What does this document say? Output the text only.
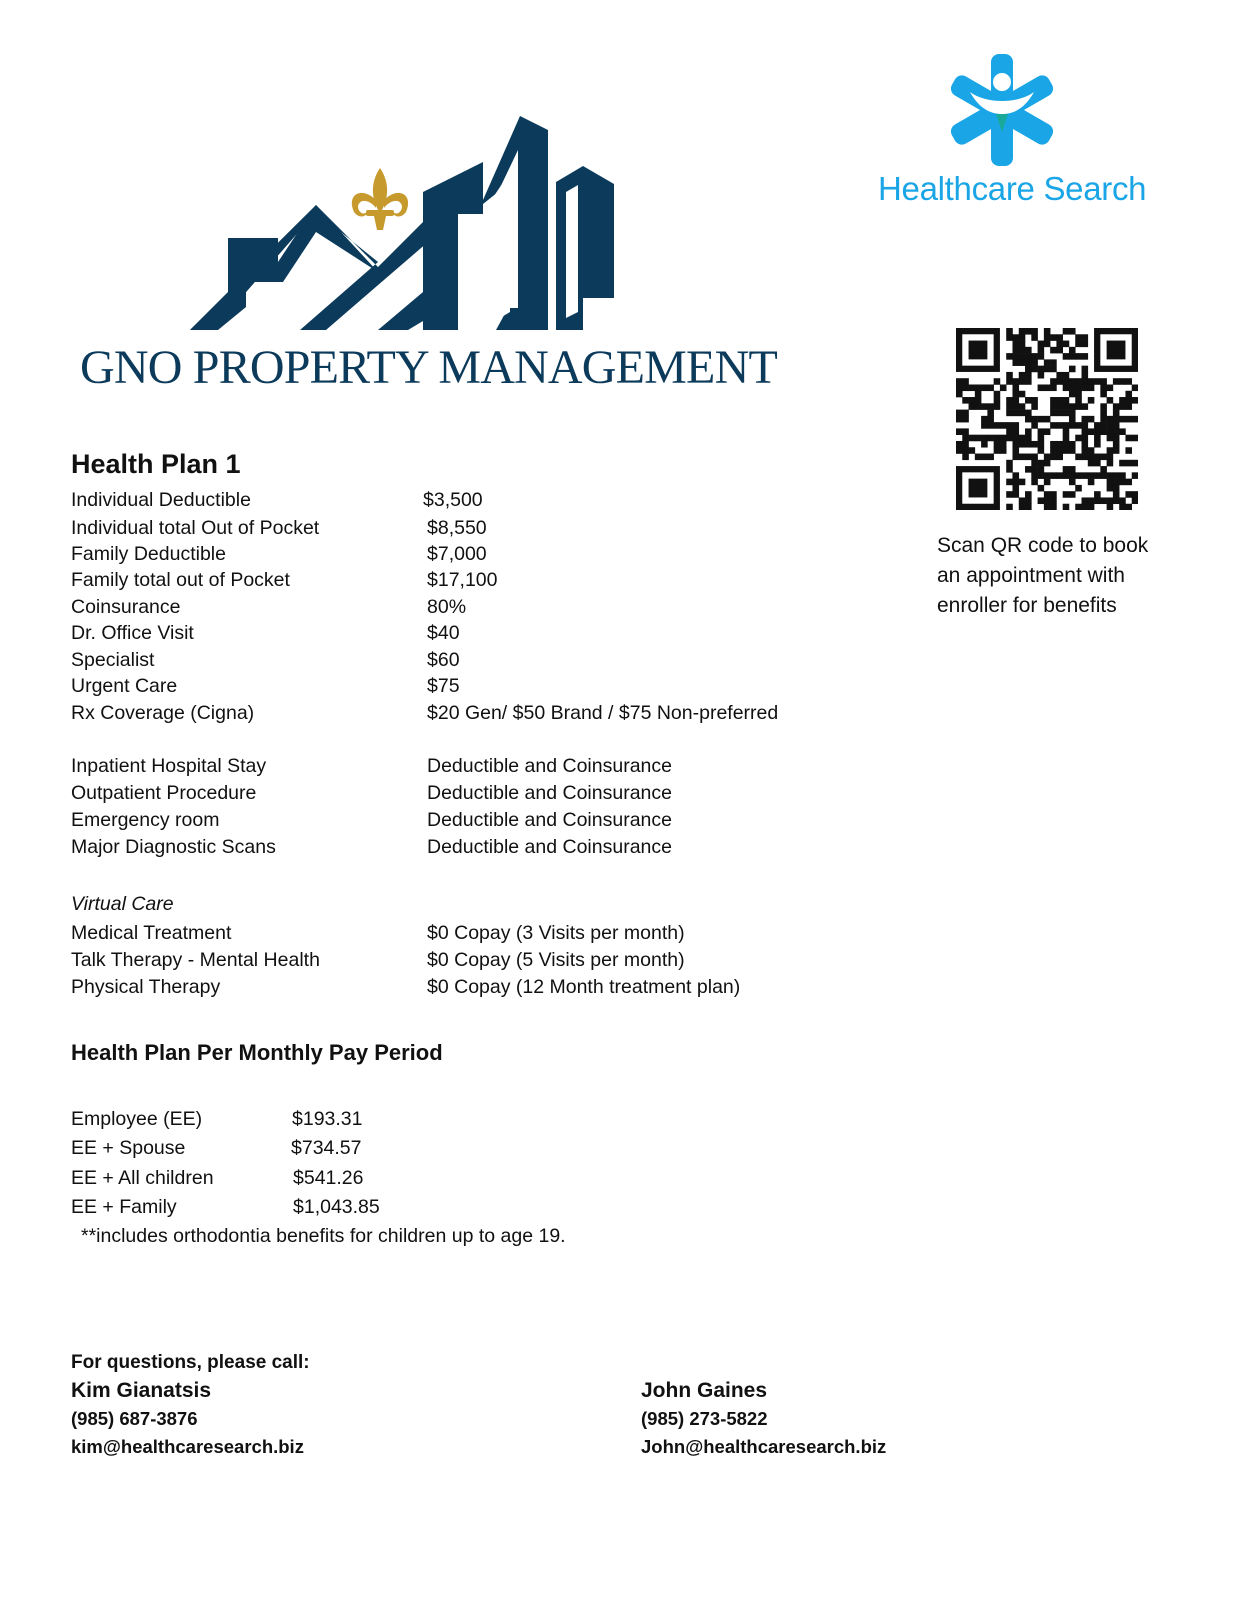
GNO PROPERTY MANAGEMENT
Healthcare Search
Scan QR code to book an appointment with enroller for benefits
Health Plan 1
Individual Deductible	$3,500
Individual total Out of Pocket	$8,550
Family Deductible	$7,000
Family total out of Pocket	$17,100
Coinsurance	80%
Dr. Office Visit	$40
Specialist	$60
Urgent Care	$75
Rx Coverage (Cigna)	$20 Gen/ $50 Brand / $75 Non-preferred
Inpatient Hospital Stay	Deductible and Coinsurance
Outpatient Procedure	Deductible and Coinsurance
Emergency room	Deductible and Coinsurance
Major Diagnostic Scans	Deductible and Coinsurance
Virtual Care
Medical Treatment	$0 Copay (3 Visits per month)
Talk Therapy - Mental Health	$0 Copay (5 Visits per month)
Physical Therapy	$0 Copay (12 Month treatment plan)
Health Plan Per Monthly Pay Period
Employee (EE)	$193.31
EE + Spouse	$734.57
EE + All children	$541.26
EE + Family	$1,043.85
**includes orthodontia benefits for children up to age 19.
For questions, please call:
Kim Gianatsis
(985) 687-3876
kim@healthcaresearch.biz
John Gaines
(985) 273-5822
John@healthcaresearch.biz
